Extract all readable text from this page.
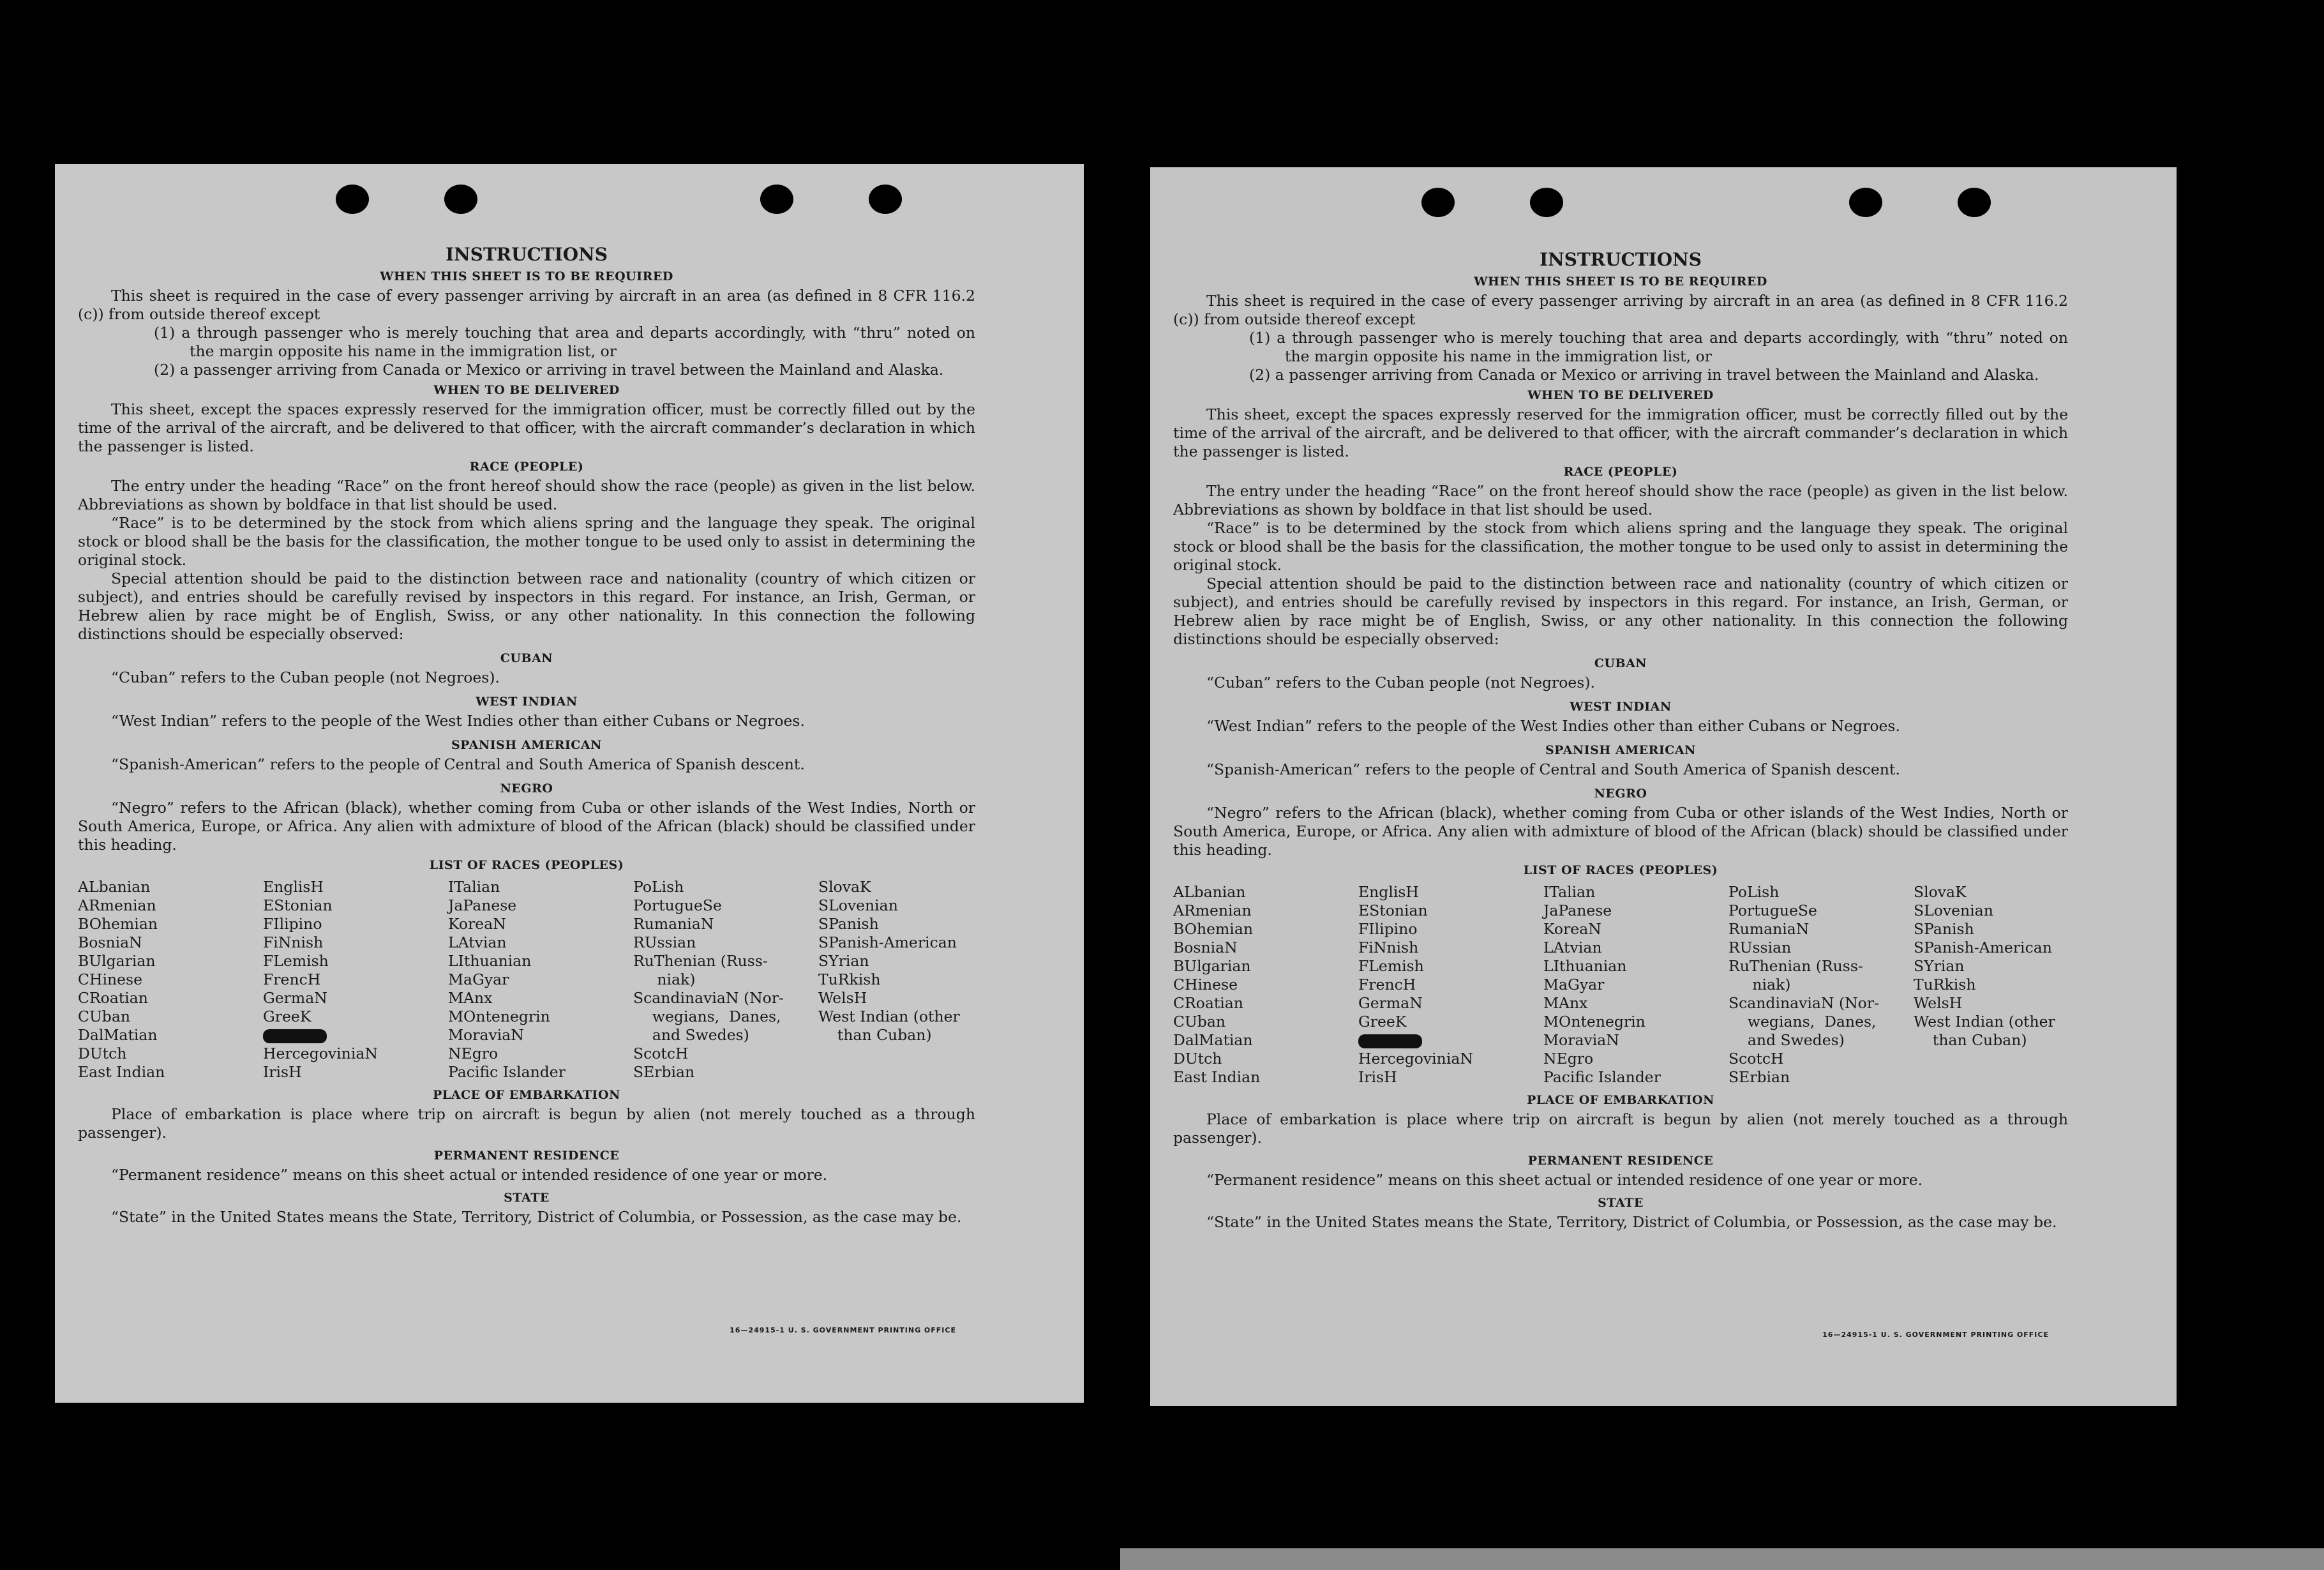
INSTRUCTIONS
WHEN THIS SHEET IS TO BE REQUIRED

This sheet is required in the case of every passenger arriving by aircraft in an area (as defined in 8 CFR 116.2 (c)) from outside thereof except

(1) a through passenger who is merely touching that area and departs accordingly, with “thru” noted on the margin opposite his name in the immigration list, or

(2) a passenger arriving from Canada or Mexico or arriving in travel between the Mainland and Alaska.

WHEN TO BE DELIVERED

This sheet, except the spaces expressly reserved for the immigration officer, must be correctly filled out by the time of the arrival of the aircraft, and be delivered to that officer, with the aircraft commander’s declaration in which the passenger is listed.

RACE (PEOPLE)

The entry under the heading “Race” on the front hereof should show the race (people) as given in the list below. Abbreviations as shown by boldface in that list should be used.

“Race” is to be determined by the stock from which aliens spring and the language they speak. The original stock or blood shall be the basis for the classification, the mother tongue to be used only to assist in determining the original stock.

Special attention should be paid to the distinction between race and nationality (country of which citizen or subject), and entries should be carefully revised by inspectors in this regard. For instance, an Irish, German, or Hebrew alien by race might be of English, Swiss, or any other nationality. In this connection the following distinctions should be especially observed:

CUBAN

“Cuban” refers to the Cuban people (not Negroes).

WEST INDIAN

“West Indian” refers to the people of the West Indies other than either Cubans or Negroes.

SPANISH AMERICAN

“Spanish-American” refers to the people of Central and South America of Spanish descent.

NEGRO

“Negro” refers to the African (black), whether coming from Cuba or other islands of the West Indies, North or South America, Europe, or Africa. Any alien with admixture of blood of the African (black) should be classified under this heading.

LIST OF RACES (PEOPLES)
ALbanian
ARmenian
BOhemian
BosniaN
BUlgarian
CHinese
CRoatian
CUban
DalMatian
DUtch
East Indian
EnglisH
EStonian
FIlipino
FiNnish
FLemish
FrencH
GermaN
GreeK
HercegoviniaN
IrisH
ITalian
JaPanese
KoreaN
LAtvian
LIthuanian
MaGyar
MAnx
MOntenegrin
MoraviaN
NEgro
Pacific Islander
PoLish
PortugueSe
RumaniaN
RUssian
RuThenian (Russ-
niak)
ScandinaviaN (Nor-
wegians,  Danes,
and Swedes)
ScotcH
SErbian
SlovaK
SLovenian
SPanish
SPanish-American
SYrian
TuRkish
WelsH
West Indian (other
than Cuban)
PLACE OF EMBARKATION

Place of embarkation is place where trip on aircraft is begun by alien (not merely touched as a through passenger).

PERMANENT RESIDENCE

“Permanent residence” means on this sheet actual or intended residence of one year or more.

STATE

“State” in the United States means the State, Territory, District of Columbia, or Possession, as the case may be.

16—24915-1 U. S. GOVERNMENT PRINTING OFFICE
INSTRUCTIONS
WHEN THIS SHEET IS TO BE REQUIRED

This sheet is required in the case of every passenger arriving by aircraft in an area (as defined in 8 CFR 116.2 (c)) from outside thereof except

(1) a through passenger who is merely touching that area and departs accordingly, with “thru” noted on the margin opposite his name in the immigration list, or

(2) a passenger arriving from Canada or Mexico or arriving in travel between the Mainland and Alaska.

WHEN TO BE DELIVERED

This sheet, except the spaces expressly reserved for the immigration officer, must be correctly filled out by the time of the arrival of the aircraft, and be delivered to that officer, with the aircraft commander’s declaration in which the passenger is listed.

RACE (PEOPLE)

The entry under the heading “Race” on the front hereof should show the race (people) as given in the list below. Abbreviations as shown by boldface in that list should be used.

“Race” is to be determined by the stock from which aliens spring and the language they speak. The original stock or blood shall be the basis for the classification, the mother tongue to be used only to assist in determining the original stock.

Special attention should be paid to the distinction between race and nationality (country of which citizen or subject), and entries should be carefully revised by inspectors in this regard. For instance, an Irish, German, or Hebrew alien by race might be of English, Swiss, or any other nationality. In this connection the following distinctions should be especially observed:

CUBAN

“Cuban” refers to the Cuban people (not Negroes).

WEST INDIAN

“West Indian” refers to the people of the West Indies other than either Cubans or Negroes.

SPANISH AMERICAN

“Spanish-American” refers to the people of Central and South America of Spanish descent.

NEGRO

“Negro” refers to the African (black), whether coming from Cuba or other islands of the West Indies, North or South America, Europe, or Africa. Any alien with admixture of blood of the African (black) should be classified under this heading.

LIST OF RACES (PEOPLES)
ALbanian
ARmenian
BOhemian
BosniaN
BUlgarian
CHinese
CRoatian
CUban
DalMatian
DUtch
East Indian
EnglisH
EStonian
FIlipino
FiNnish
FLemish
FrencH
GermaN
GreeK
HercegoviniaN
IrisH
ITalian
JaPanese
KoreaN
LAtvian
LIthuanian
MaGyar
MAnx
MOntenegrin
MoraviaN
NEgro
Pacific Islander
PoLish
PortugueSe
RumaniaN
RUssian
RuThenian (Russ-
niak)
ScandinaviaN (Nor-
wegians,  Danes,
and Swedes)
ScotcH
SErbian
SlovaK
SLovenian
SPanish
SPanish-American
SYrian
TuRkish
WelsH
West Indian (other
than Cuban)
PLACE OF EMBARKATION

Place of embarkation is place where trip on aircraft is begun by alien (not merely touched as a through passenger).

PERMANENT RESIDENCE

“Permanent residence” means on this sheet actual or intended residence of one year or more.

STATE

“State” in the United States means the State, Territory, District of Columbia, or Possession, as the case may be.

16—24915-1 U. S. GOVERNMENT PRINTING OFFICE
